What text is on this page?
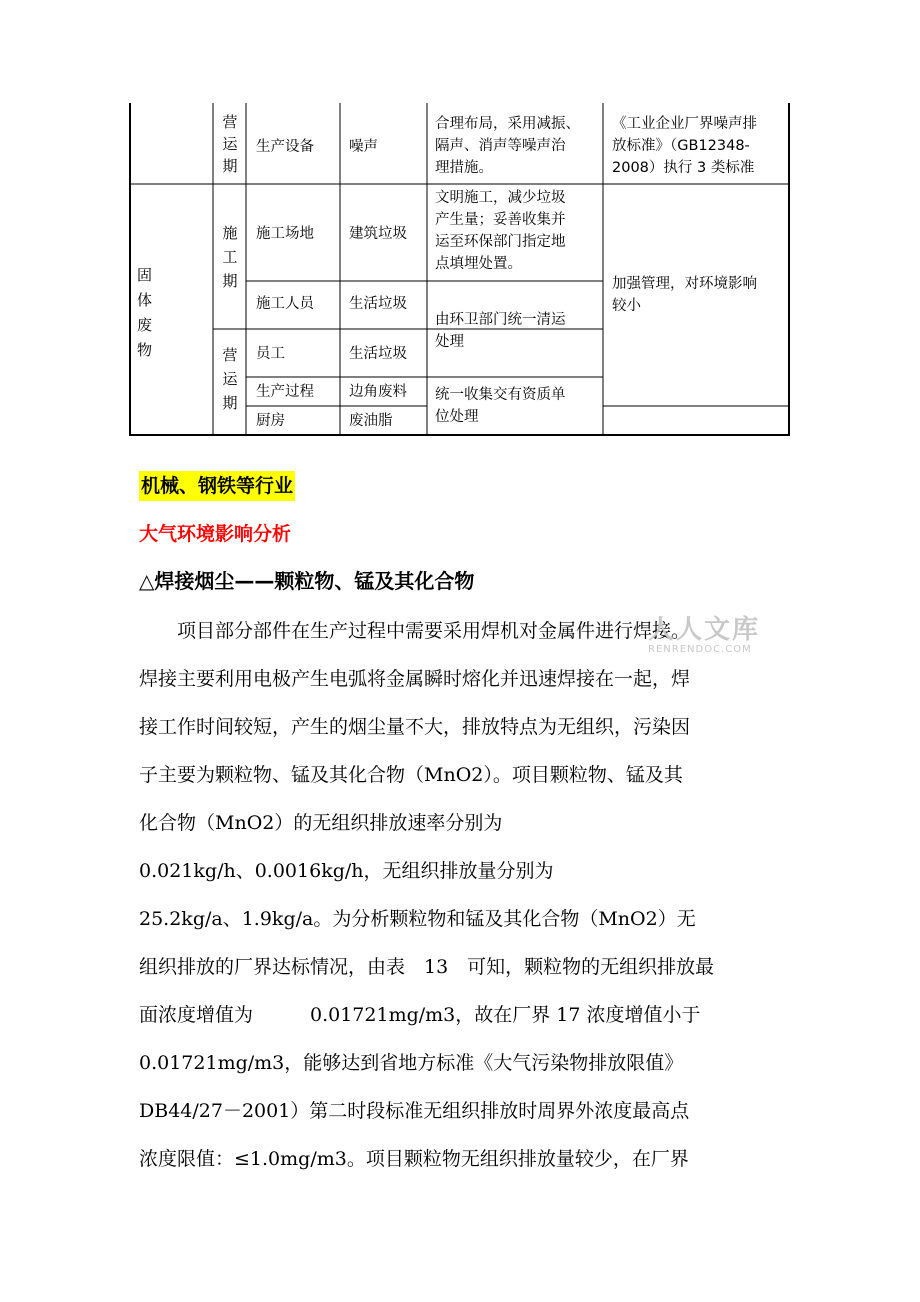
营运期
生产设备 噪声
合理布局，采用减振、
隔声、消声等噪声治
理措施。
《工业企业厂界噪声排
放标准》（GB12348-
2008）执行 3 类标准
固体废物
施工期
营运期
施工场地 建筑垃圾
施工人员 生活垃圾
员工	生活垃圾
生产过程 边角废料
厨房	废油脂
文明施工，减少垃圾
产生量；妥善收集并
运至环保部门指定地
点填埋处置。
由环卫部门统一清运
处理
统一收集交有资质单
位处理
加强管理，对环境影响
较小
机械、钢铁等行业
大气环境影响分析
△焊接烟尘——颗粒物、锰及其化合物
　　项目部分部件在生产过程中需要采用焊机对金属件进行焊接。
焊接主要利用电极产生电弧将金属瞬时熔化并迅速焊接在一起，焊
接工作时间较短，产生的烟尘量不大，排放特点为无组织，污染因
子主要为颗粒物、锰及其化合物（MnO2）。项目颗粒物、锰及其
化合物（MnO2）的无组织排放速率分别为
0.021kg/h、0.0016kg/h，无组织排放量分别为
25.2kg/a、1.9kg/a。为分析颗粒物和锰及其化合物（MnO2）无
组织排放的厂界达标情况，由表　13　可知，颗粒物的无组织排放最
面浓度增值为　　　0.01721mg/m3，故在厂界 17 浓度增值小于
0.01721mg/m3，能够达到省地方标准《大气污染物排放限值》
DB44/27－2001）第二时段标准无组织排放时周界外浓度最高点
浓度限值：≤1.0mg/m3。项目颗粒物无组织排放量较少，在厂界
人人文库
RENRENDOC.COM
